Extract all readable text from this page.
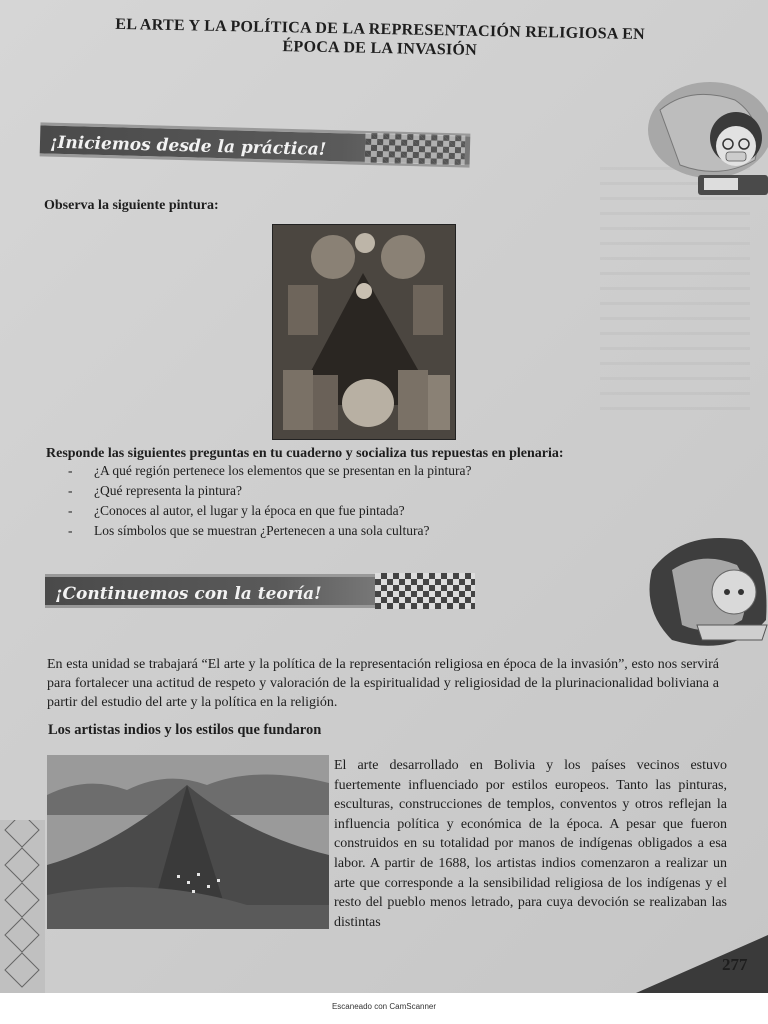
EL ARTE Y LA POLÍTICA DE LA REPRESENTACIÓN RELIGIOSA EN
ÉPOCA DE LA INVASIÓN
¡Iniciemos desde la práctica!
Observa la siguiente pintura:
Responde las siguientes preguntas en tu cuaderno y socializa tus repuestas en plenaria:
- ¿A qué región pertenece los elementos que se presentan en la pintura?
- ¿Qué representa la pintura?
- ¿Conoces al autor, el lugar y la época en que fue pintada?
- Los símbolos que se muestran ¿Pertenecen a una sola cultura?
¡Continuemos con la teoría!
En esta unidad se trabajará “El arte y la política de la representación religiosa en época de la invasión”, esto nos servirá para fortalecer una actitud de respeto y valoración de la espiritualidad y religiosidad de la plurinacionalidad boliviana a partir del estudio del arte y la política en la religión.
Los artistas indios y los estilos que fundaron
El arte desarrollado en Bolivia y los países vecinos estuvo fuertemente influenciado por estilos europeos. Tanto las pinturas, esculturas, construcciones de templos, conventos y otros reflejan la influencia política y económica de la época. A pesar que fueron construidos en su totalidad por manos de indígenas obligados a esa labor. A partir de 1688, los artistas indios comenzaron a realizar un arte que corresponde a la sensibilidad religiosa de los indígenas y el resto del pueblo menos letrado, para cuya devoción se realizaban las distintas
277
Escaneado con CamScanner
